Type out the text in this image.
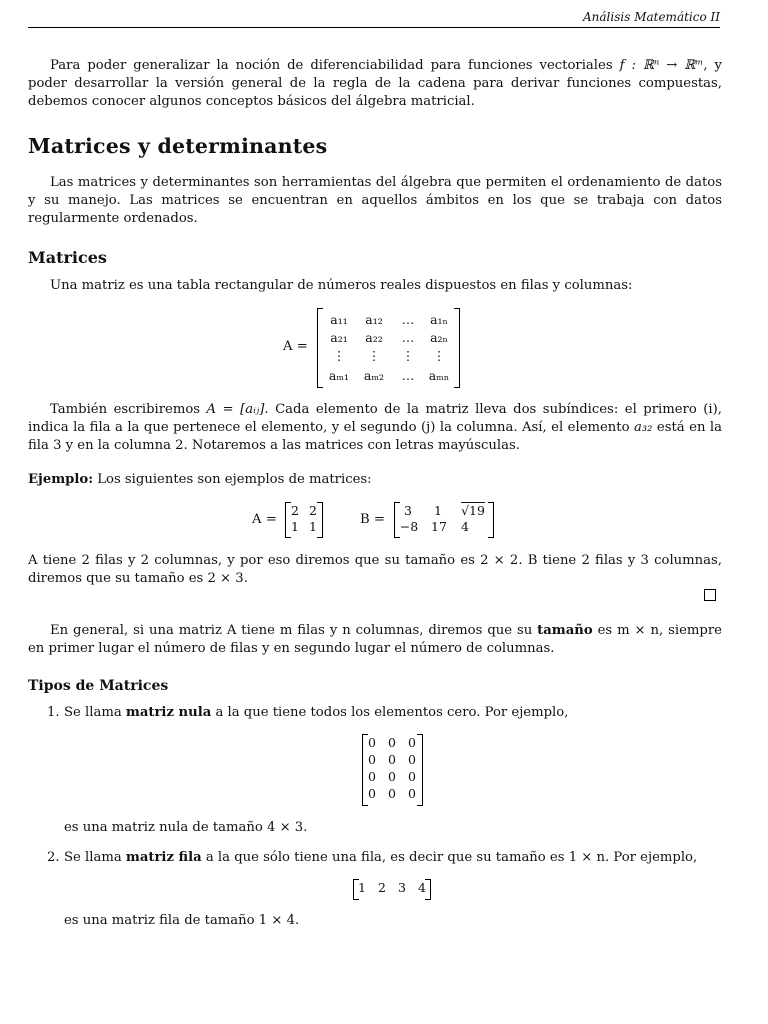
Análisis Matemático II
Para poder generalizar la noción de diferenciabilidad para funciones vectoriales f : ℝⁿ → ℝᵐ, y poder desarrollar la versión general de la regla de la cadena para derivar funciones compuestas, debemos conocer algunos conceptos básicos del álgebra matricial.
Matrices y determinantes
Las matrices y determinantes son herramientas del álgebra que permiten el ordenamiento de datos y su manejo. Las matrices se encuentran en aquellos ámbitos en los que se trabaja con datos regularmente ordenados.
Matrices
Una matriz es una tabla rectangular de números reales dispuestos en filas y columnas:
A =
a₁₁	a₁₂	…	a₁ₙ
a₂₁	a₂₂	…	a₂ₙ
⋮	⋮	⋮	⋮
aₘ₁	aₘ₂	…	aₘₙ
También escribiremos A = [aᵢⱼ]. Cada elemento de la matriz lleva dos subíndices: el primero (i), indica la fila a la que pertenece el elemento, y el segundo (j) la columna. Así, el elemento a₃₂ está en la fila 3 y en la columna 2. Notaremos a las matrices con letras mayúsculas.
Ejemplo: Los siguientes son ejemplos de matrices:
A =
2 2
1 1	B =
3	1	√19
−8 17 4
A tiene 2 filas y 2 columnas, y por eso diremos que su tamaño es 2 × 2. B tiene 2 filas y 3 columnas, diremos que su tamaño es 2 × 3.
En general, si una matriz A tiene m filas y n columnas, diremos que su tamaño es m × n, siempre en primer lugar el número de filas y en segundo lugar el número de columnas.
Tipos de Matrices
1. Se llama matriz nula a la que tiene todos los elementos cero. Por ejemplo,
0 0 0
0 0 0
0 0 0
0 0 0
es una matriz nula de tamaño 4 × 3.
2. Se llama matriz fila a la que sólo tiene una fila, es decir que su tamaño es 1 × n. Por ejemplo,
1 2 3 4
es una matriz fila de tamaño 1 × 4.
